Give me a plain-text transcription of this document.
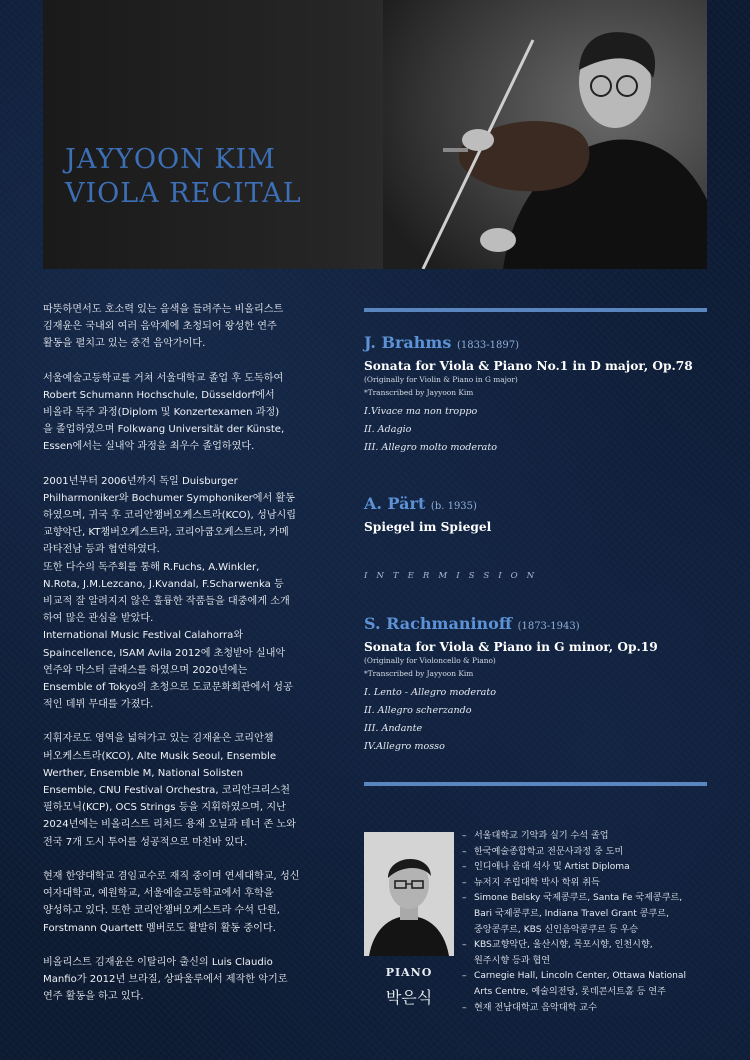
JAYYOON KIM
VIOLA RECITAL

따뜻하면서도 호소력 있는 음색을 들려주는 비올리스트
김재윤은 국내외 여러 음악제에 초청되어 왕성한 연주
활동을 펼치고 있는 중견 음악가이다.

서울예술고등학교를 거쳐 서울대학교 졸업 후 도독하여
Robert Schumann Hochschule, Düsseldorf에서
비올라 독주 과정(Diplom 및 Konzertexamen 과정)
을 졸업하였으며 Folkwang Universität der Künste,
Essen에서는 실내악 과정을 최우수 졸업하였다.

2001년부터 2006년까지 독일 Duisburger
Philharmoniker와 Bochumer Symphoniker에서 활동
하였으며, 귀국 후 코리안챔버오케스트라(KCO), 성남시립
교향악단, KT챔버오케스트라, 코리아쿱오케스트라, 카메
라타전남 등과 협연하였다.
또한 다수의 독주회를 통해 R.Fuchs, A.Winkler,
N.Rota, J.M.Lezcano, J.Kvandal, F.Scharwenka 등
비교적 잘 알려지지 않은 훌륭한 작품들을 대중에게 소개
하여 많은 관심을 받았다.
International Music Festival Calahorra와
Spaincellence, ISAM Avila 2012에 초청받아 실내악
연주와 마스터 클래스를 하였으며 2020년에는
Ensemble of Tokyo의 초청으로 도쿄문화회관에서 성공
적인 데뷔 무대를 가졌다.

지휘자로도 영역을 넓혀가고 있는 김재윤은 코리안챔
버오케스트라(KCO), Alte Musik Seoul, Ensemble
Werther, Ensemble M, National Solisten
Ensemble, CNU Festival Orchestra, 코리안크리스천
필하모닉(KCP), OCS Strings 등을 지휘하였으며, 지난
2024년에는 비올리스트 리처드 용재 오닐과 테너 존 노와
전국 7개 도시 투어를 성공적으로 마친바 있다.

현재 한양대학교 겸임교수로 재직 중이며 연세대학교, 성신
여자대학교, 예원학교, 서울예술고등학교에서 후학을
양성하고 있다. 또한 코리안챔버오케스트라 수석 단원,
Forstmann Quartett 멤버로도 활발히 활동 중이다.

비올리스트 김재윤은 이탈리아 출신의 Luis Claudio
Manfio가 2012년 브라질, 상파울루에서 제작한 악기로
연주 활동을 하고 있다.

J. Brahms (1833-1897)
Sonata for Viola & Piano No.1 in D major, Op.78
(Originally for Violin & Piano in G major)
*Transcribed by Jayyoon Kim
I.Vivace ma non troppo
II. Adagio
III. Allegro molto moderato
A. Pärt (b. 1935)
Spiegel im Spiegel
INTERMISSION
S. Rachmaninoff (1873-1943)
Sonata for Viola & Piano in G minor, Op.19
(Originally for Violoncello & Piano)
*Transcribed by Jayyoon Kim
I. Lento - Allegro moderato
II. Allegro scherzando
III. Andante
IV.Allegro mosso
PIANO
박은식
– 서울대학교 기악과 실기 수석 졸업
– 한국예술종합학교 전문사과정 중 도미
– 인디애나 음대 석사 및 Artist Diploma
– 뉴저지 주립대학 박사 학위 취득
– Simone Belsky 국제콩쿠르, Santa Fe 국제콩쿠르,
Bari 국제콩쿠르, Indiana Travel Grant 콩쿠르,
중앙콩쿠르, KBS 신인음악콩쿠르 등 우승
– KBS교향악단, 울산시향, 목포시향, 인천시향,
원주시향 등과 협연
– Carnegie Hall, Lincoln Center, Ottawa National
Arts Centre, 예술의전당, 롯데콘서트홀 등 연주
– 현재 전남대학교 음악대학 교수
